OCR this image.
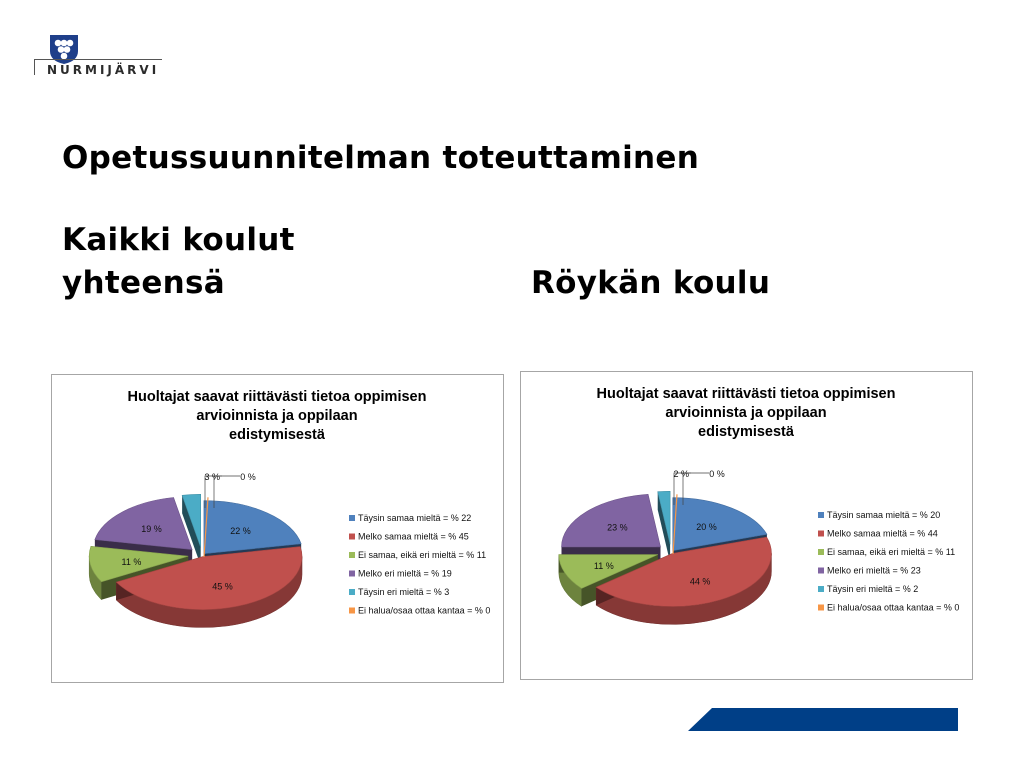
NURMIJÄRVI
Opetussuunnitelman toteuttaminen
Kaikki koulut
yhteensä	Röykän koulu
Huoltajat saavat riittävästi tietoa oppimisen
arvioinnista ja oppilaan
edistymisestä
22 %
45 %
11 %
19 %
3 % 0 %
Täysin samaa mieltä = % 22
Melko samaa mieltä = % 45
Ei samaa, eikä eri mieltä = % 11
Melko eri mieltä = % 19
Täysin eri mieltä = % 3
Ei halua/osaa ottaa kantaa = % 0
Huoltajat saavat riittävästi tietoa oppimisen
arvioinnista ja oppilaan
edistymisestä
20 %
44 %
11 %
23 %
2 % 0 %
Täysin samaa mieltä = % 20
Melko samaa mieltä = % 44
Ei samaa, eikä eri mieltä = % 11
Melko eri mieltä = % 23
Täysin eri mieltä = % 2
Ei halua/osaa ottaa kantaa = % 0
